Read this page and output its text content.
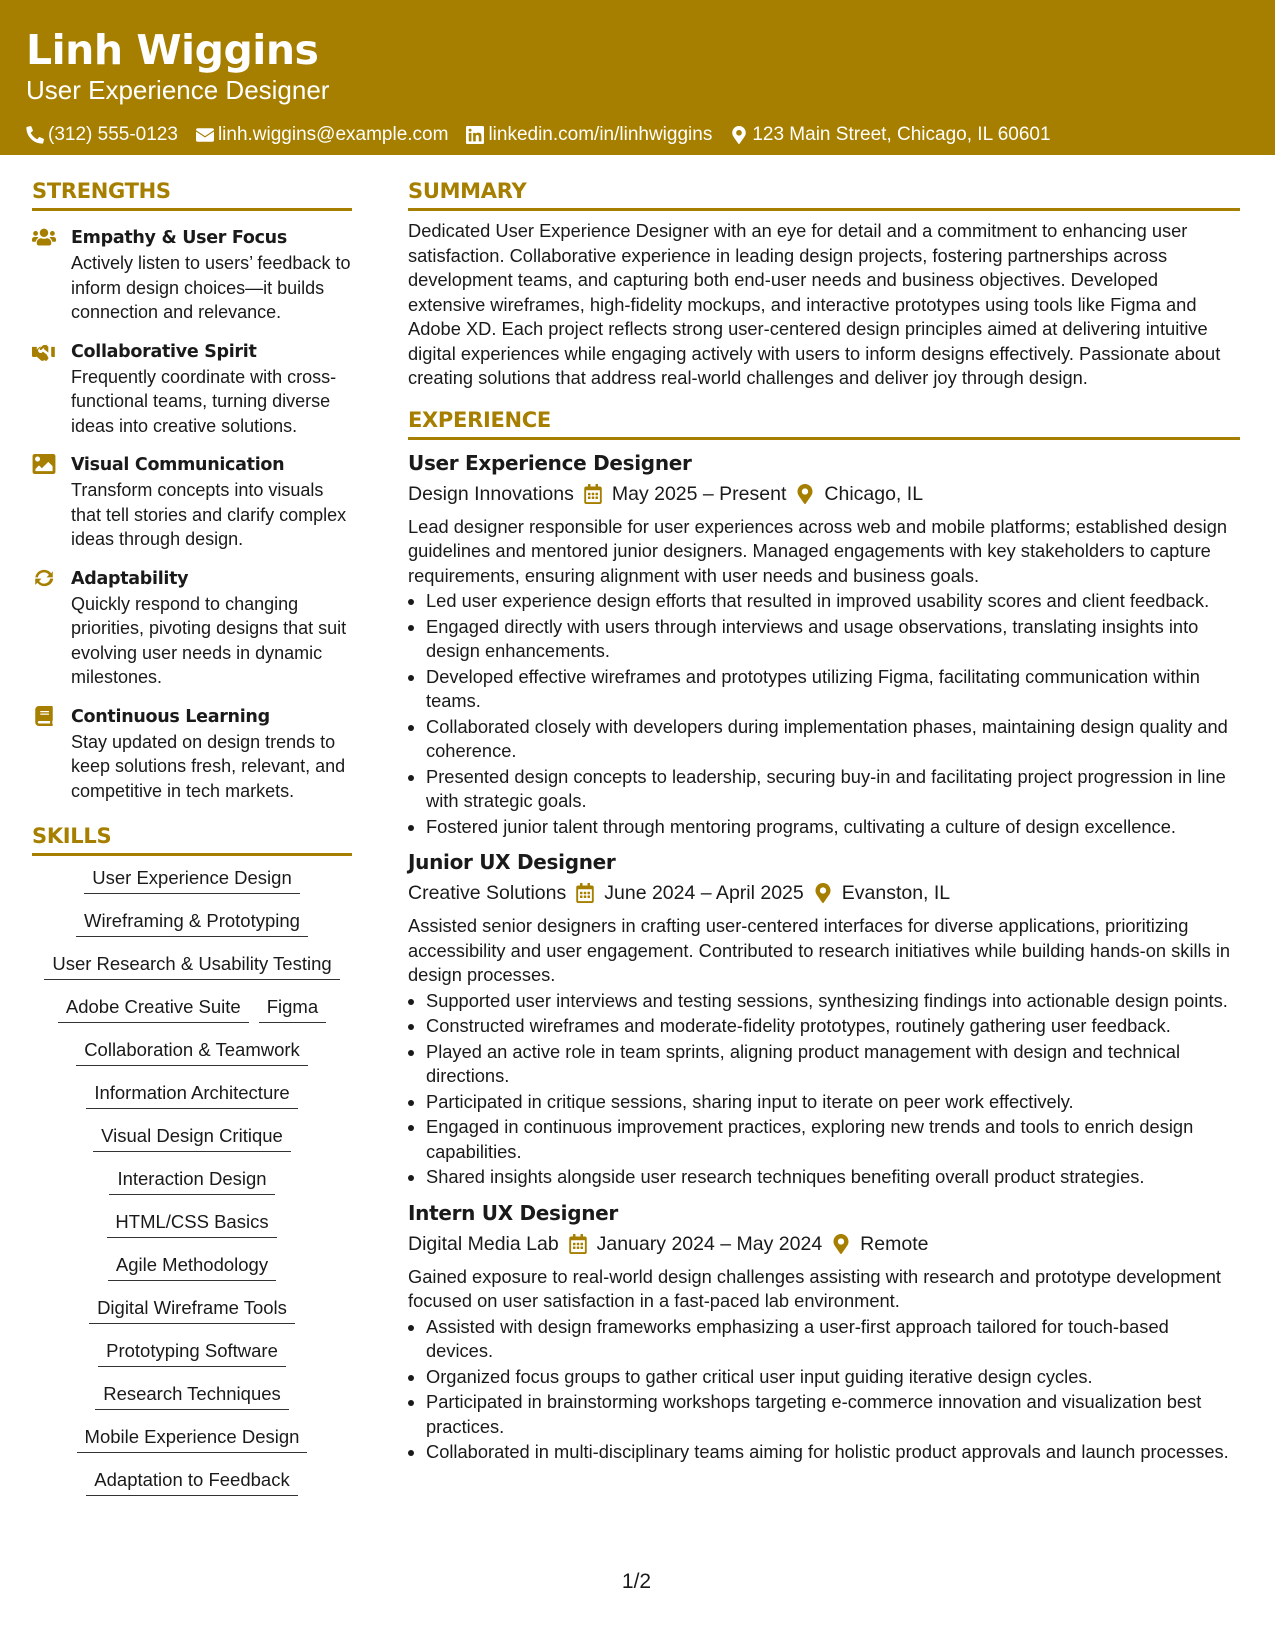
Linh Wiggins
User Experience Designer
(312) 555-0123 linh.wiggins@example.com linkedin.com/in/linhwiggins 123 Main Street, Chicago, IL 60601
STRENGTHS
Empathy & User Focus
Actively listen to users’ feedback to inform design choices—it builds connection and relevance.
Collaborative Spirit
Frequently coordinate with cross-functional teams, turning diverse ideas into creative solutions.
Visual Communication
Transform concepts into visuals that tell stories and clarify complex ideas through design.
Adaptability
Quickly respond to changing priorities, pivoting designs that suit evolving user needs in dynamic milestones.
Continuous Learning
Stay updated on design trends to keep solutions fresh, relevant, and competitive in tech markets.
SKILLS
User Experience Design
Wireframing & Prototyping
User Research & Usability Testing
Adobe Creative Suite	Figma
Collaboration & Teamwork
Information Architecture
Visual Design Critique
Interaction Design
HTML/CSS Basics
Agile Methodology
Digital Wireframe Tools
Prototyping Software
Research Techniques
Mobile Experience Design
Adaptation to Feedback
SUMMARY
Dedicated User Experience Designer with an eye for detail and a commitment to enhancing user satisfaction. Collaborative experience in leading design projects, fostering partnerships across development teams, and capturing both end-user needs and business objectives. Developed extensive wireframes, high-fidelity mockups, and interactive prototypes using tools like Figma and Adobe XD. Each project reflects strong user-centered design principles aimed at delivering intuitive digital experiences while engaging actively with users to inform designs effectively. Passionate about creating solutions that address real-world challenges and deliver joy through design.
EXPERIENCE
User Experience Designer
Design Innovations May 2025 – Present Chicago, IL
Lead designer responsible for user experiences across web and mobile platforms; established design guidelines and mentored junior designers. Managed engagements with key stakeholders to capture requirements, ensuring alignment with user needs and business goals.
Led user experience design efforts that resulted in improved usability scores and client feedback.
Engaged directly with users through interviews and usage observations, translating insights into design enhancements.
Developed effective wireframes and prototypes utilizing Figma, facilitating communication within teams.
Collaborated closely with developers during implementation phases, maintaining design quality and coherence.
Presented design concepts to leadership, securing buy-in and facilitating project progression in line with strategic goals.
Fostered junior talent through mentoring programs, cultivating a culture of design excellence.
Junior UX Designer
Creative Solutions June 2024 – April 2025 Evanston, IL
Assisted senior designers in crafting user-centered interfaces for diverse applications, prioritizing accessibility and user engagement. Contributed to research initiatives while building hands-on skills in design processes.
Supported user interviews and testing sessions, synthesizing findings into actionable design points.
Constructed wireframes and moderate-fidelity prototypes, routinely gathering user feedback.
Played an active role in team sprints, aligning product management with design and technical directions.
Participated in critique sessions, sharing input to iterate on peer work effectively.
Engaged in continuous improvement practices, exploring new trends and tools to enrich design capabilities.
Shared insights alongside user research techniques benefiting overall product strategies.
Intern UX Designer
Digital Media Lab January 2024 – May 2024 Remote
Gained exposure to real-world design challenges assisting with research and prototype development focused on user satisfaction in a fast-paced lab environment.
Assisted with design frameworks emphasizing a user-first approach tailored for touch-based devices.
Organized focus groups to gather critical user input guiding iterative design cycles.
Participated in brainstorming workshops targeting e-commerce innovation and visualization best practices.
Collaborated in multi-disciplinary teams aiming for holistic product approvals and launch processes.
1/2
